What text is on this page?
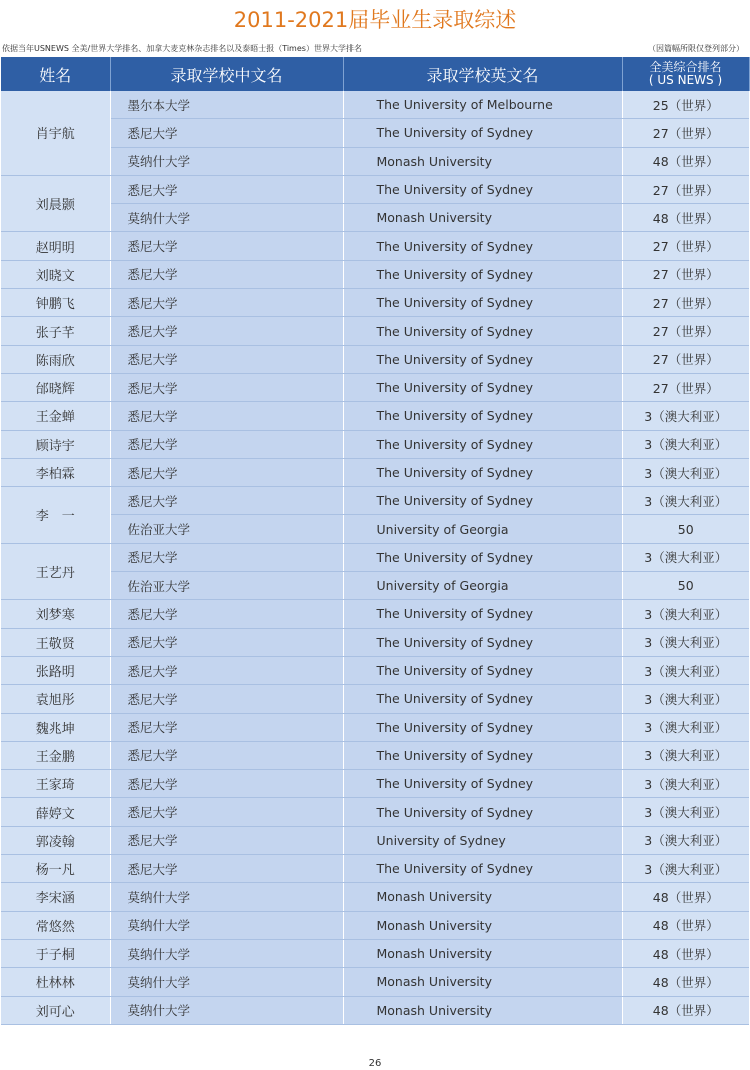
2011-2021届毕业生录取综述
依据当年USNEWS 全美/世界大学排名、加拿大麦克林杂志排名以及泰晤士报（Times）世界大学排名	（因篇幅所限仅登列部分）
姓名	录取学校中文名	录取学校英文名	全美综合排名
( US NEWS )

肖宇航	墨尔本大学	The University of Melbourne	25（世界）
	悉尼大学	The University of Sydney	27（世界）
	莫纳什大学	Monash University	48（世界）
刘晨颢	悉尼大学	The University of Sydney	27（世界）
	莫纳什大学	Monash University	48（世界）
赵明明	悉尼大学	The University of Sydney	27（世界）
刘晓文	悉尼大学	The University of Sydney	27（世界）
钟鹏飞	悉尼大学	The University of Sydney	27（世界）
张子芊	悉尼大学	The University of Sydney	27（世界）
陈雨欣	悉尼大学	The University of Sydney	27（世界）
邰晓辉	悉尼大学	The University of Sydney	27（世界）
王金蝉	悉尼大学	The University of Sydney	3（澳大利亚）
顾诗宇	悉尼大学	The University of Sydney	3（澳大利亚）
李柏霖	悉尼大学	The University of Sydney	3（澳大利亚）
李　一	悉尼大学	The University of Sydney	3（澳大利亚）
	佐治亚大学	University of Georgia	50
王艺丹	悉尼大学	The University of Sydney	3（澳大利亚）
	佐治亚大学	University of Georgia	50
刘梦寒	悉尼大学	The University of Sydney	3（澳大利亚）
王敬贤	悉尼大学	The University of Sydney	3（澳大利亚）
张路明	悉尼大学	The University of Sydney	3（澳大利亚）
袁旭彤	悉尼大学	The University of Sydney	3（澳大利亚）
魏兆坤	悉尼大学	The University of Sydney	3（澳大利亚）
王金鹏	悉尼大学	The University of Sydney	3（澳大利亚）
王家琦	悉尼大学	The University of Sydney	3（澳大利亚）
薛婷文	悉尼大学	The University of Sydney	3（澳大利亚）
郭凌翰	悉尼大学	University of Sydney	3（澳大利亚）
杨一凡	悉尼大学	The University of Sydney	3（澳大利亚）
李宋涵	莫纳什大学	Monash University	48（世界）
常悠然	莫纳什大学	Monash University	48（世界）
于子桐	莫纳什大学	Monash University	48（世界）
杜林林	莫纳什大学	Monash University	48（世界）
刘可心	莫纳什大学	Monash University	48（世界）
26
